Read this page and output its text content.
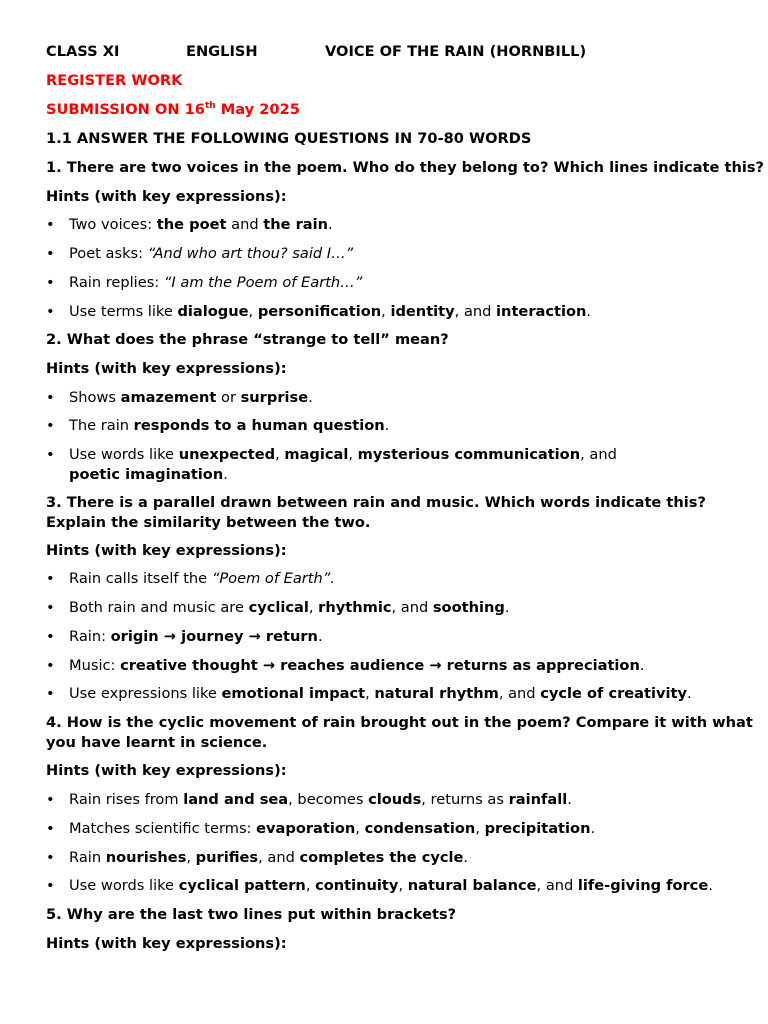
CLASS XI	ENGLISH	VOICE OF THE RAIN (HORNBILL)
REGISTER WORK
SUBMISSION ON 16th May 2025
1.1 ANSWER THE FOLLOWING QUESTIONS IN 70-80 WORDS
1. There are two voices in the poem. Who do they belong to? Which lines indicate this?
Hints (with key expressions):
• Two voices: the poet and the rain.
• Poet asks: “And who art thou? said I…”
• Rain replies: “I am the Poem of Earth…”
• Use terms like dialogue, personification, identity, and interaction.
2. What does the phrase “strange to tell” mean?
Hints (with key expressions):
• Shows amazement or surprise.
• The rain responds to a human question.
• Use words like unexpected, magical, mysterious communication, and poetic imagination.
3. There is a parallel drawn between rain and music. Which words indicate this?
Explain the similarity between the two.
Hints (with key expressions):
• Rain calls itself the “Poem of Earth”.
• Both rain and music are cyclical, rhythmic, and soothing.
• Rain: origin → journey → return.
• Music: creative thought → reaches audience → returns as appreciation.
• Use expressions like emotional impact, natural rhythm, and cycle of creativity.
4. How is the cyclic movement of rain brought out in the poem? Compare it with what
you have learnt in science.
Hints (with key expressions):
• Rain rises from land and sea, becomes clouds, returns as rainfall.
• Matches scientific terms: evaporation, condensation, precipitation.
• Rain nourishes, purifies, and completes the cycle.
• Use words like cyclical pattern, continuity, natural balance, and life-giving force.
5. Why are the last two lines put within brackets?
Hints (with key expressions):
